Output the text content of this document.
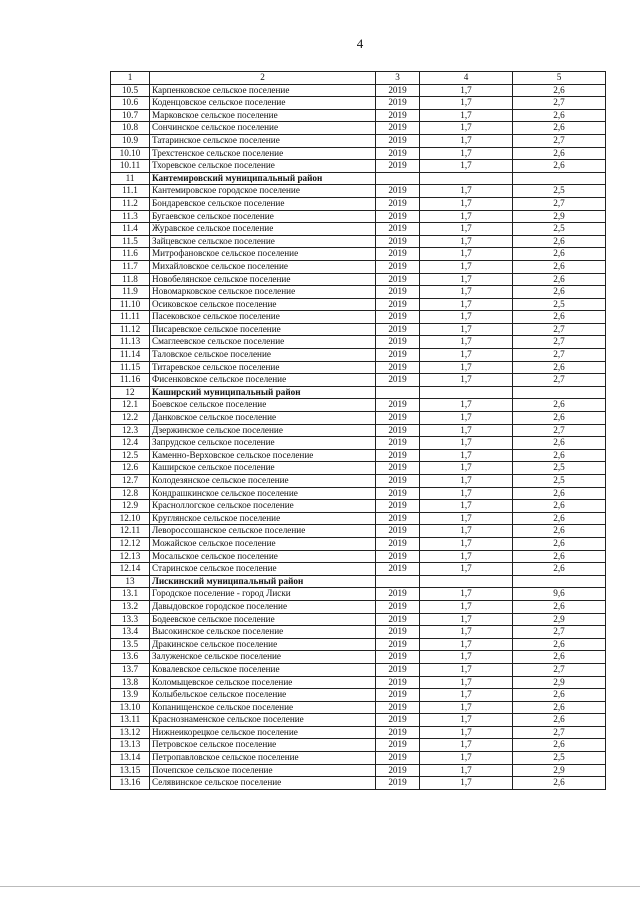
4
1	2	3	4	5
10.5	Карпенковское сельское поселение	2019	1,7	2,6
10.6	Коденцовское сельское поселение	2019	1,7	2,7
10.7	Марковское сельское поселение	2019	1,7	2,6
10.8	Сончинское сельское поселение	2019	1,7	2,6
10.9	Татаринское сельское поселение	2019	1,7	2,7
10.10	Трехстенское сельское поселение	2019	1,7	2,6
10.11	Тхоревское сельское поселение	2019	1,7	2,6
11	Кантемировский муниципальный район			
11.1	Кантемировское городское поселение	2019	1,7	2,5
11.2	Бондаревское сельское поселение	2019	1,7	2,7
11.3	Бугаевское сельское поселение	2019	1,7	2,9
11.4	Журавское сельское поселение	2019	1,7	2,5
11.5	Зайцевское сельское поселение	2019	1,7	2,6
11.6	Митрофановское сельское поселение	2019	1,7	2,6
11.7	Михайловское сельское поселение	2019	1,7	2,6
11.8	Новобелянское сельское поселение	2019	1,7	2,6
11.9	Новомарковское сельское поселение	2019	1,7	2,6
11.10	Осиковское сельское поселение	2019	1,7	2,5
11.11	Пасековское сельское поселение	2019	1,7	2,6
11.12	Писаревское сельское поселение	2019	1,7	2,7
11.13	Смаглеевское сельское поселение	2019	1,7	2,7
11.14	Таловское сельское поселение	2019	1,7	2,7
11.15	Титаревское сельское поселение	2019	1,7	2,6
11.16	Фисенковское сельское поселение	2019	1,7	2,7
12	Каширский муниципальный район			
12.1	Боевское сельское поселение	2019	1,7	2,6
12.2	Данковское сельское поселение	2019	1,7	2,6
12.3	Дзержинское сельское поселение	2019	1,7	2,7
12.4	Запрудское сельское поселение	2019	1,7	2,6
12.5	Каменно-Верховское сельское поселение	2019	1,7	2,6
12.6	Каширское сельское поселение	2019	1,7	2,5
12.7	Колодезянское сельское поселение	2019	1,7	2,5
12.8	Кондрашкинское сельское поселение	2019	1,7	2,6
12.9	Красноллогское сельское поселение	2019	1,7	2,6
12.10	Круглянское сельское поселение	2019	1,7	2,6
12.11	Левороссошанское сельское поселение	2019	1,7	2,6
12.12	Можайское сельское поселение	2019	1,7	2,6
12.13	Мосальское сельское поселение	2019	1,7	2,6
12.14	Старинское сельское поселение	2019	1,7	2,6
13	Лискинский муниципальный район			
13.1	Городское поселение - город Лиски	2019	1,7	9,6
13.2	Давыдовское городское поселение	2019	1,7	2,6
13.3	Бодеевское сельское поселение	2019	1,7	2,9
13.4	Высокинское сельское поселение	2019	1,7	2,7
13.5	Дракинское сельское поселение	2019	1,7	2,6
13.6	Залуженское сельское поселение	2019	1,7	2,6
13.7	Ковалевское сельское поселение	2019	1,7	2,7
13.8	Коломыцевское сельское поселение	2019	1,7	2,9
13.9	Колыбельское сельское поселение	2019	1,7	2,6
13.10	Копанищенское сельское поселение	2019	1,7	2,6
13.11	Краснознаменское сельское поселение	2019	1,7	2,6
13.12	Нижнеикорецкое сельское поселение	2019	1,7	2,7
13.13	Петровское сельское поселение	2019	1,7	2,6
13.14	Петропавловское сельское поселение	2019	1,7	2,5
13.15	Почепское сельское поселение	2019	1,7	2,9
13.16	Селявинское сельское поселение	2019	1,7	2,6
